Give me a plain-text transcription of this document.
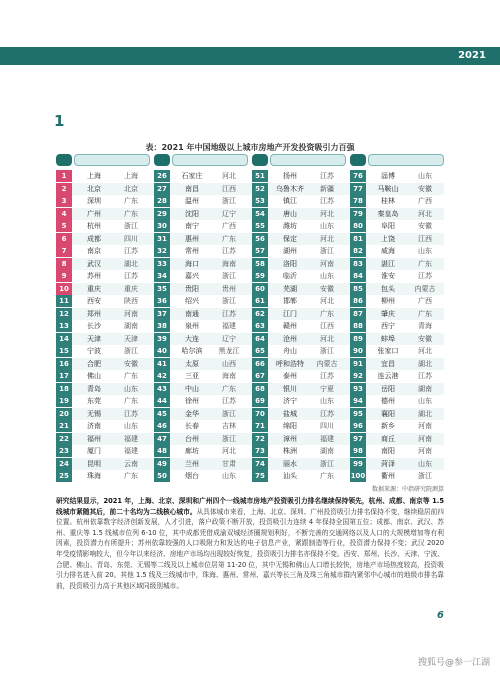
2021
1
表：2021 年中国地级以上城市房地产开发投资吸引力百强
1	上海	上海
2	北京	北京
3	深圳	广东
4	广州	广东
5	杭州	浙江
6	成都	四川
7	南京	江苏
8	武汉	湖北
9	苏州	江苏
10	重庆	重庆
11	西安	陕西
12	郑州	河南
13	长沙	湖南
14	天津	天津
15	宁波	浙江
16	合肥	安徽
17	佛山	广东
18	青岛	山东
19	东莞	广东
20	无锡	江苏
21	济南	山东
22	福州	福建
23	厦门	福建
24	昆明	云南
25	珠海	广东
26	石家庄	河北
27	南昌	江西
28	温州	浙江
29	沈阳	辽宁
30	南宁	广西
31	惠州	广东
32	常州	江苏
33	海口	海南
34	嘉兴	浙江
35	贵阳	贵州
36	绍兴	浙江
37	南通	江苏
38	泉州	福建
39	大连	辽宁
40	哈尔滨	黑龙江
41	太原	山西
42	三亚	海南
43	中山	广东
44	徐州	江苏
45	金华	浙江
46	长春	吉林
47	台州	浙江
48	廊坊	河北
49	兰州	甘肃
50	烟台	山东
51	扬州	江苏
52	乌鲁木齐	新疆
53	镇江	江苏
54	唐山	河北
55	潍坊	山东
56	保定	河北
57	湖州	浙江
58	洛阳	河南
59	临沂	山东
60	芜湖	安徽
61	邯郸	河北
62	江门	广东
63	赣州	江西
64	沧州	河北
65	舟山	浙江
66	呼和浩特	内蒙古
67	泰州	江苏
68	银川	宁夏
69	济宁	山东
70	盐城	江苏
71	绵阳	四川
72	漳州	福建
73	株洲	湖南
74	丽水	浙江
75	汕头	广东
76	淄博	山东
77	马鞍山	安徽
78	桂林	广西
79	秦皇岛	河北
80	阜阳	安徽
81	上饶	江西
82	威海	山东
83	湛江	广东
84	淮安	江苏
85	包头	内蒙古
86	柳州	广西
87	肇庆	广东
88	西宁	青海
89	蚌埠	安徽
90	张家口	河北
91	宜昌	湖北
92	连云港	江苏
93	岳阳	湖南
94	德州	山东
95	襄阳	湖北
96	新乡	河南
97	商丘	河南
98	南阳	河南
99	菏泽	山东
100	衢州	浙江
数据来源：中指研究院测算
研究结果显示，2021 年，上海、北京、深圳和广州四个一线城市房地产投资吸引力排名继续保持领先，杭州、成都、南京等 1.5 线城市紧随其后，前二十名均为二线核心城市。从具体城市来看，上海、北京、深圳、广州投资吸引力排名保持不变，继续稳居前四位置。杭州依靠数字经济创新发展，人才引进，落户政策不断开放，投资吸引力连续 4 年保持全国第五位；成都、南京、武汉、苏州、重庆等 1.5 线城市位列 6-10 位，其中成都凭借成渝双城经济圈规划利好，不断完善的交通网络以及人口的大规模增加等有利因素，投资潜力有所提升；苏州依靠较强的人口吸附力和发达的电子信息产业，紧跟制造等行业，投资潜力保持不变；武汉 2020 年受疫情影响较大，但今年以来经济、房地产市场均出现较好恢复，投资吸引力排名亦保持不变。西安、郑州、长沙、天津、宁波、合肥、佛山、青岛、东莞、无锡等二线及以上城市位居第 11-20 位，其中无锡和佛山人口增长较快，房地产市场热度较高，投资吸引力排名进入前 20。其他 1.5 线及三线城市中，珠海、惠州、常州、嘉兴等长三角及珠三角城市群内紧邻中心城市的地级市排名靠前，投资吸引力高于其他区域同级别城市。
6
搜狐号@参一江湖
